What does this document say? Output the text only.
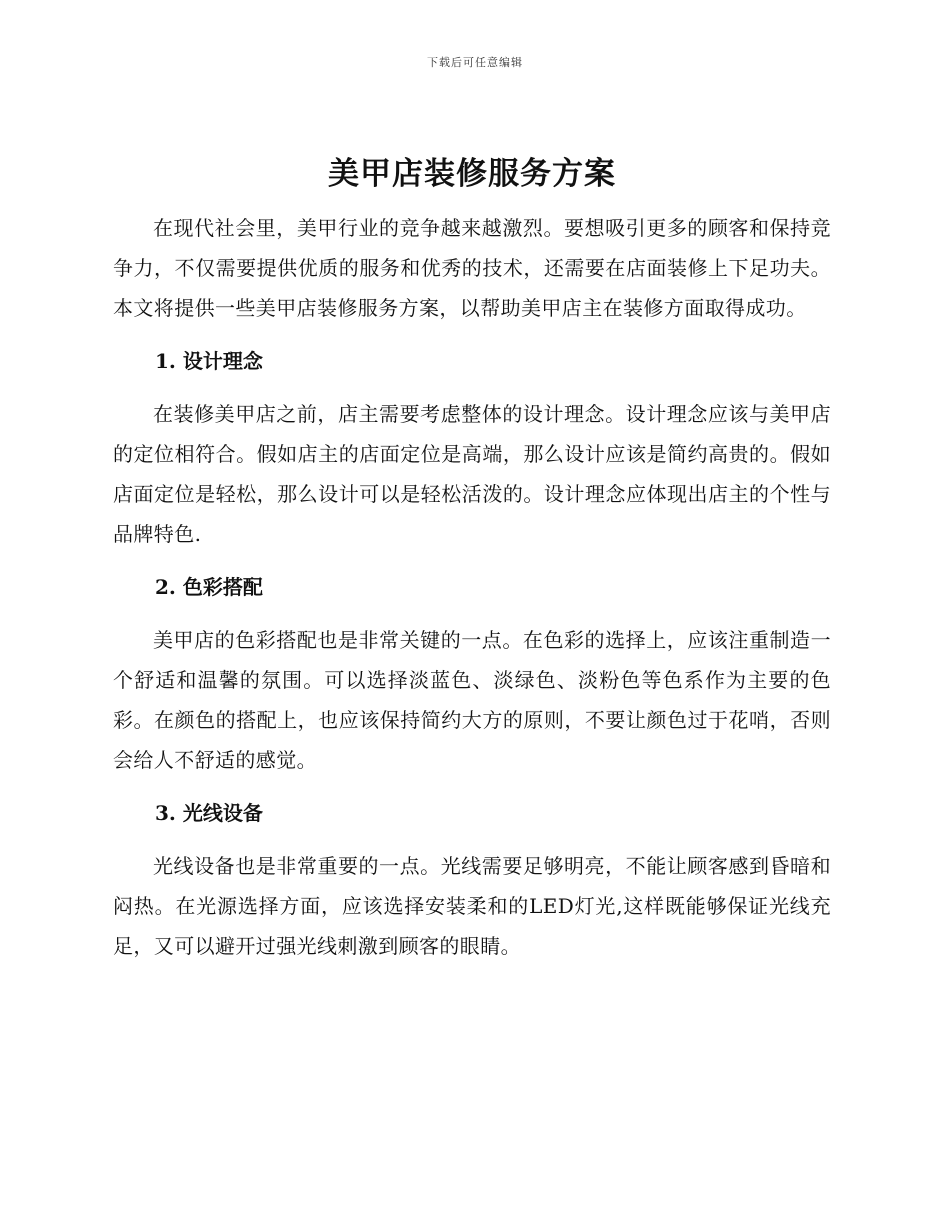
下载后可任意编辑
美甲店装修服务方案

在现代社会里，美甲行业的竞争越来越激烈。要想吸引更多的顾客和保持竞争力，不仅需要提供优质的服务和优秀的技术，还需要在店面装修上下足功夫。本文将提供一些美甲店装修服务方案，以帮助美甲店主在装修方面取得成功。

1. 设计理念

在装修美甲店之前，店主需要考虑整体的设计理念。设计理念应该与美甲店的定位相符合。假如店主的店面定位是高端，那么设计应该是简约高贵的。假如店面定位是轻松，那么设计可以是轻松活泼的。设计理念应体现出店主的个性与品牌特色.

2. 色彩搭配

美甲店的色彩搭配也是非常关键的一点。在色彩的选择上，应该注重制造一个舒适和温馨的氛围。可以选择淡蓝色、淡绿色、淡粉色等色系作为主要的色彩。在颜色的搭配上，也应该保持简约大方的原则，不要让颜色过于花哨，否则会给人不舒适的感觉。

3. 光线设备

光线设备也是非常重要的一点。光线需要足够明亮，不能让顾客感到昏暗和闷热。在光源选择方面，应该选择安装柔和的LED灯光,这样既能够保证光线充足，又可以避开过强光线刺激到顾客的眼睛。
